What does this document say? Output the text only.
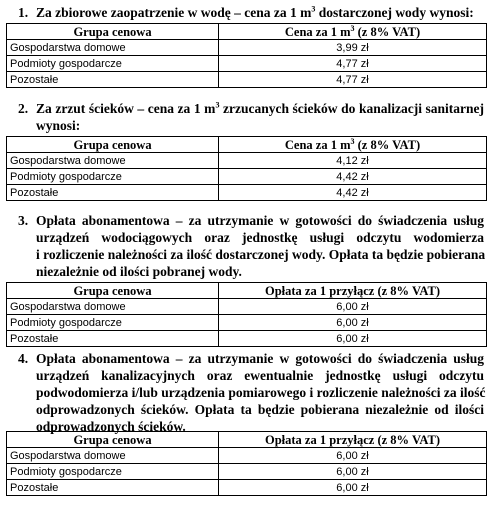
1. Za zbiorowe zaopatrzenie w wodę – cena za 1 $m^3$ dostarczonej wody wynosi:
Grupa cenowa	Cena za 1 $m^3$ (z 8% VAT)
Gospodarstwa domowe	3,99 zł
Podmioty gospodarcze	4,77 zł
Pozostałe	4,77 zł
2. Za zrzut ścieków – cena za 1 $m^3$ zrzucanych ścieków do kanalizacji sanitarnej
wynosi:
Grupa cenowa	Cena za 1 $m^3$ (z 8% VAT)
Gospodarstwa domowe	4,12 zł
Podmioty gospodarcze	4,42 zł
Pozostałe	4,42 zł
3. Opłata abonamentowa – za utrzymanie w gotowości do świadczenia usług
urządzeń wodociągowych oraz jednostkę usługi odczytu wodomierza
i rozliczenie należności za ilość dostarczonej wody. Opłata ta będzie pobierana
niezależnie od ilości pobranej wody.
Grupa cenowa	Opłata za 1 przyłącz (z 8% VAT)
Gospodarstwa domowe	6,00 zł
Podmioty gospodarcze	6,00 zł
Pozostałe	6,00 zł
4. Opłata abonamentowa – za utrzymanie w gotowości do świadczenia usług
urządzeń kanalizacyjnych oraz ewentualnie jednostkę usługi odczytu
podwodomierza i/lub urządzenia pomiarowego i rozliczenie należności za ilość
odprowadzonych ścieków. Opłata ta będzie pobierana niezależnie od ilości
odprowadzonych ścieków.
Grupa cenowa	Opłata za 1 przyłącz (z 8% VAT)
Gospodarstwa domowe	6,00 zł
Podmioty gospodarcze	6,00 zł
Pozostałe	6,00 zł
